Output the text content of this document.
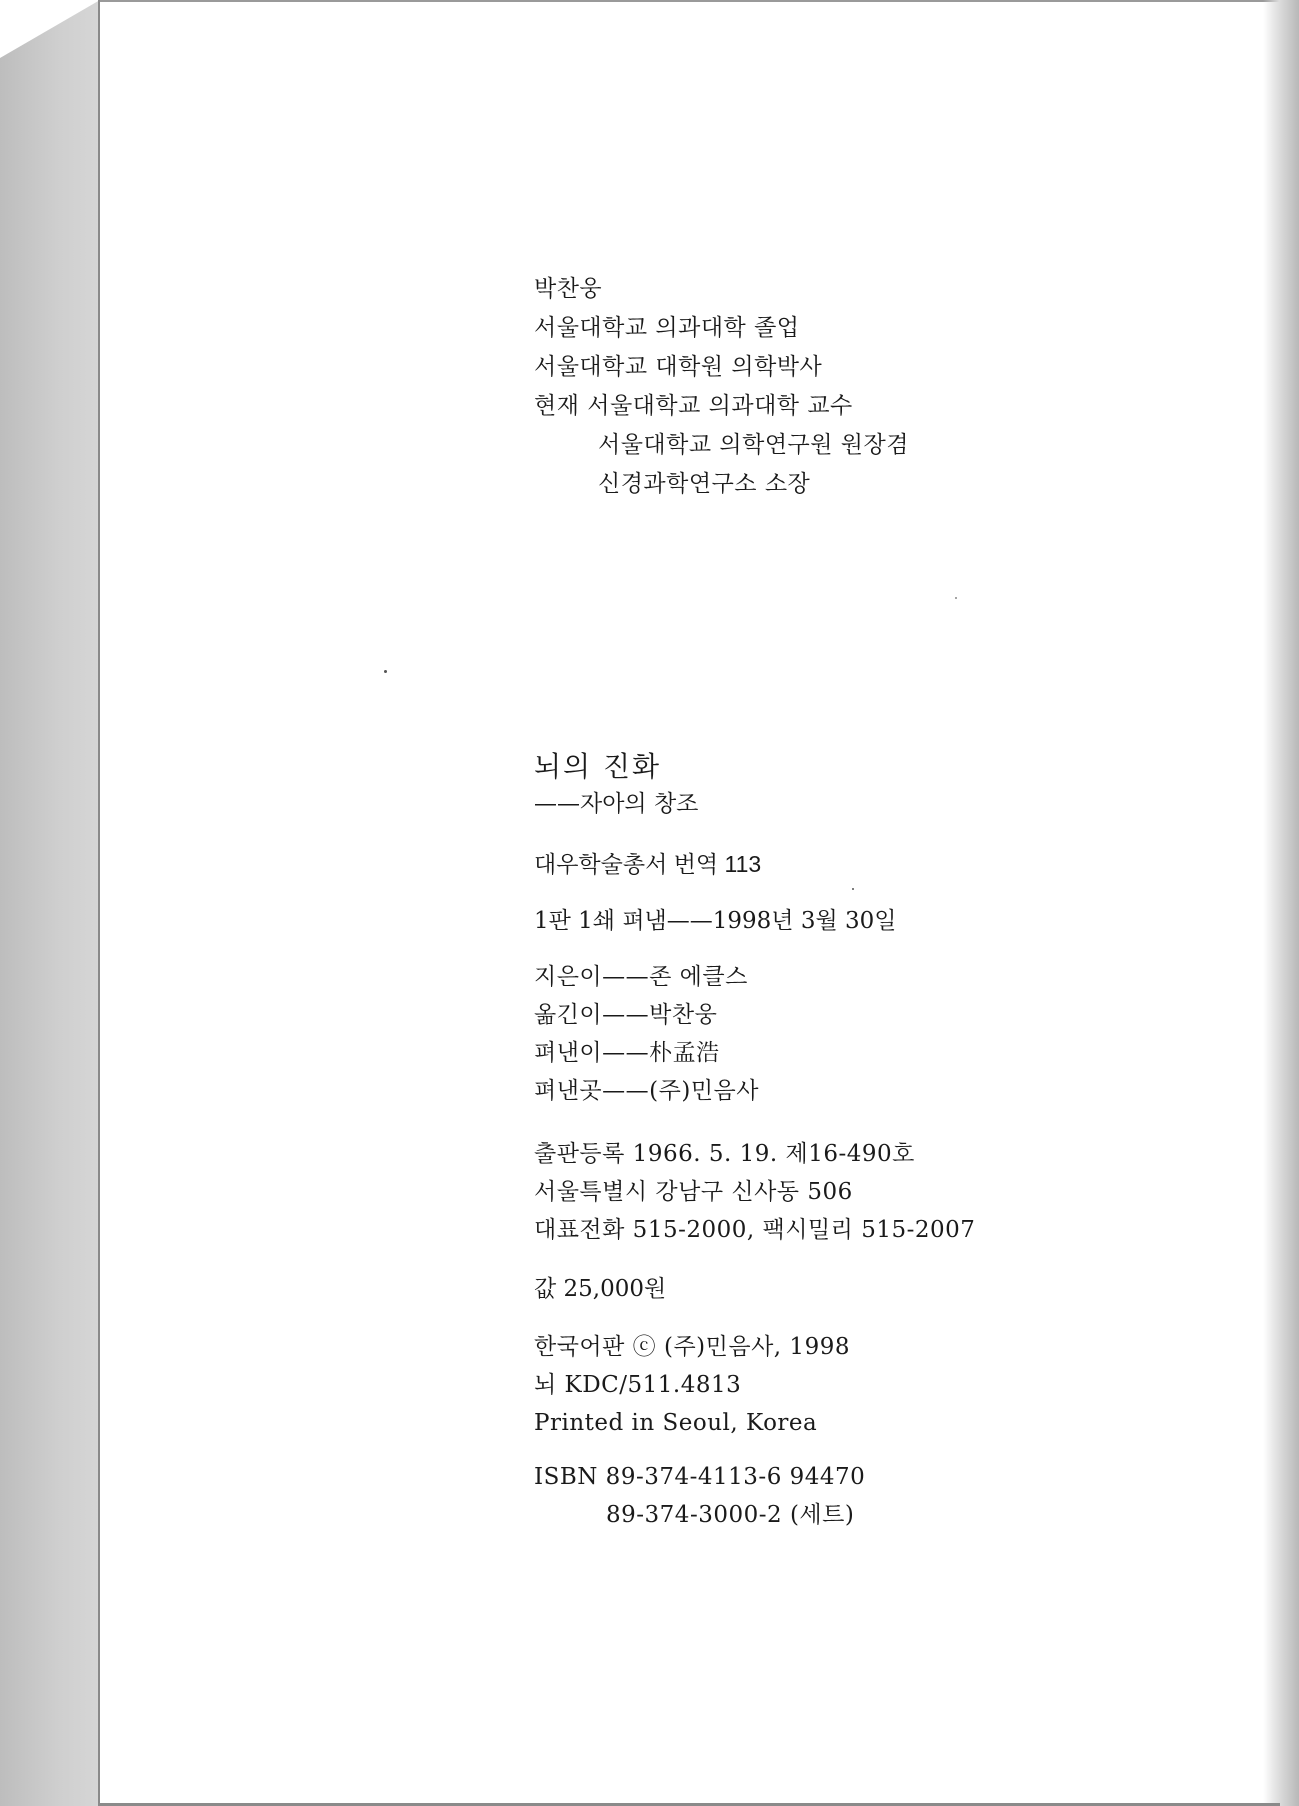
박찬웅
서울대학교 의과대학 졸업
서울대학교 대학원 의학박사
현재 서울대학교 의과대학 교수
서울대학교 의학연구원 원장겸
신경과학연구소 소장
뇌의 진화
——자아의 창조
대우학술총서 번역 113
1판 1쇄 펴냄——1998년 3월 30일
지은이——존 에클스
옮긴이——박찬웅
펴낸이——朴孟浩
펴낸곳——(주)민음사
출판등록 1966. 5. 19. 제16-490호
서울특별시 강남구 신사동 506
대표전화 515-2000, 팩시밀리 515-2007
값 25,000원
한국어판 ⓒ (주)민음사, 1998
뇌 KDC/511.4813
Printed in Seoul, Korea
ISBN 89-374-4113-6 94470
89-374-3000-2 (세트)
